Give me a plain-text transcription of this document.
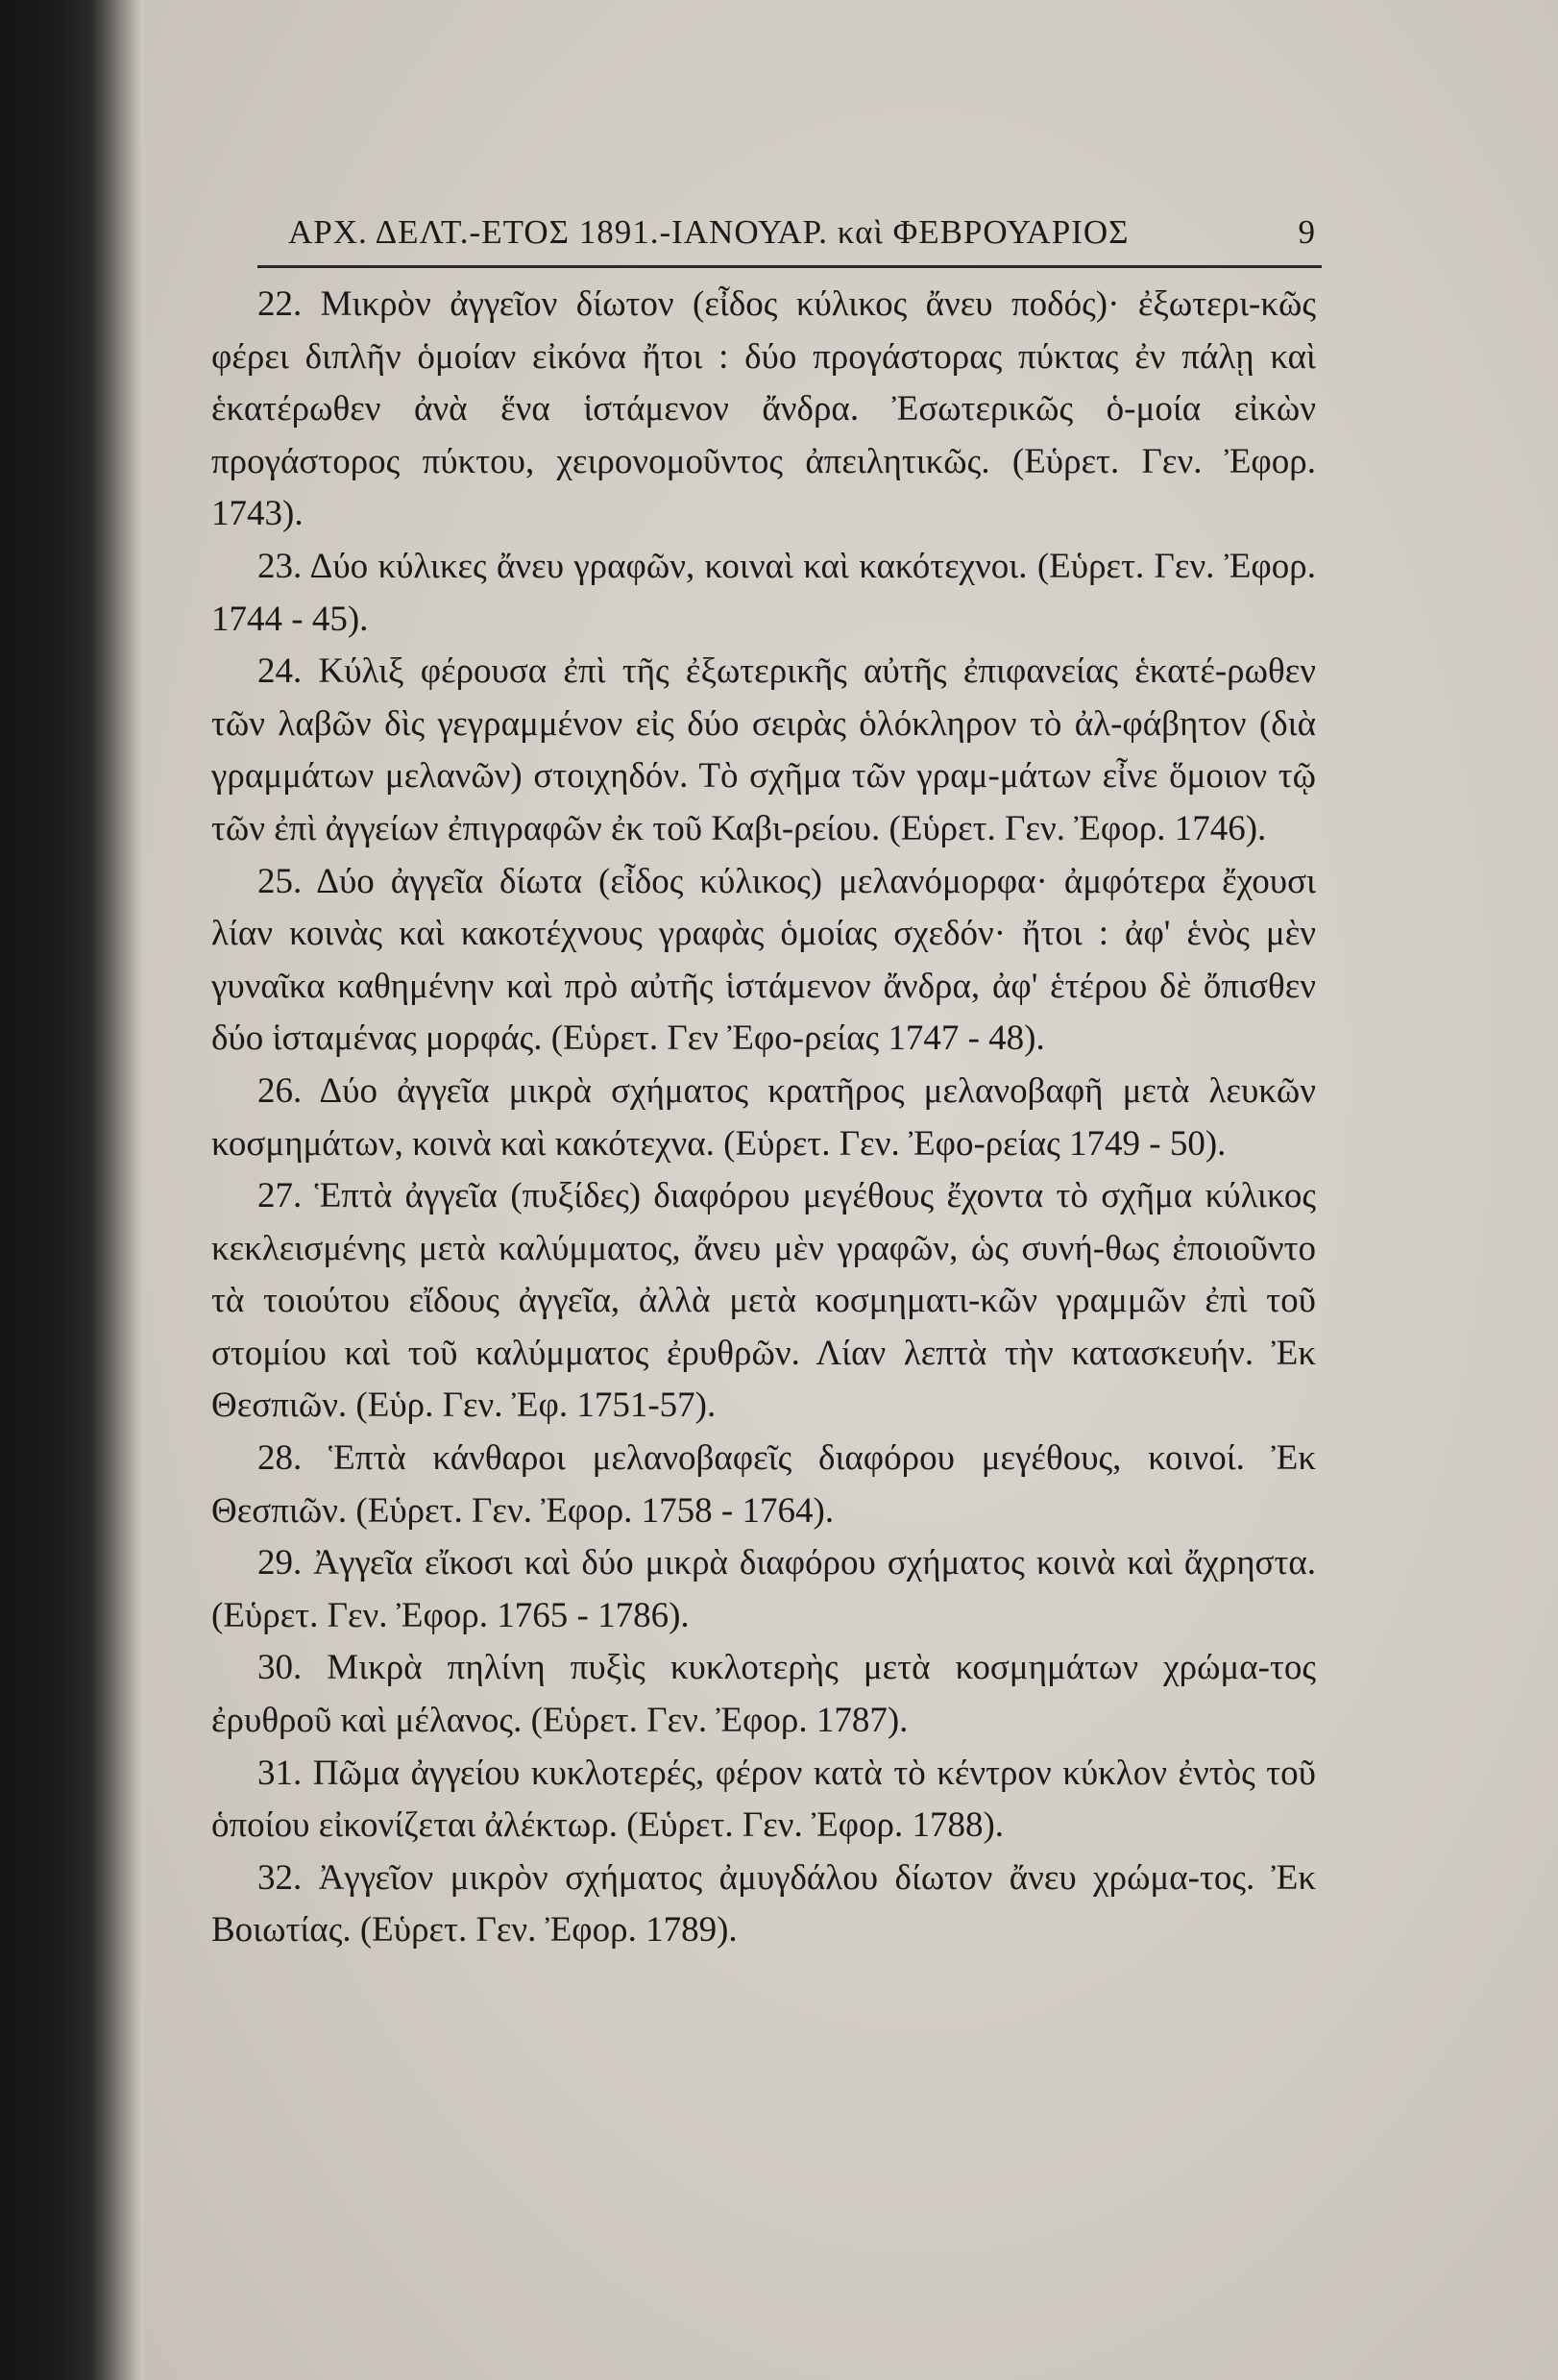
ΑΡΧ. ΔΕΛΤ.-ΕΤΟΣ 1891.-ΙΑΝΟΥΑΡ. καὶ ΦΕΒΡΟΥΑΡΙΟΣ	9

22. Μικρὸν ἀγγεῖον δίωτον (εἶδος κύλικος ἄνευ ποδός)· ἐξωτερι-κῶς φέρει διπλῆν ὁμοίαν εἰκόνα ἤτοι : δύο προγάστορας πύκτας ἐν πάλῃ καὶ ἑκατέρωθεν ἀνὰ ἕνα ἱστάμενον ἄνδρα. Ἐσωτερικῶς ὁ-μοία εἰκὼν προγάστορος πύκτου, χειρονομοῦντος ἀπειλητικῶς. (Εὑρετ. Γεν. Ἐφορ. 1743).

23. Δύο κύλικες ἄνευ γραφῶν, κοιναὶ καὶ κακότεχνοι. (Εὑρετ. Γεν. Ἐφορ. 1744 - 45).

24. Κύλιξ φέρουσα ἐπὶ τῆς ἐξωτερικῆς αὐτῆς ἐπιφανείας ἑκατέ-ρωθεν τῶν λαβῶν δὶς γεγραμμένον εἰς δύο σειρὰς ὁλόκληρον τὸ ἀλ-φάβητον (διὰ γραμμάτων μελανῶν) στοιχηδόν. Τὸ σχῆμα τῶν γραμ-μάτων εἶνε ὅμοιον τῷ τῶν ἐπὶ ἀγγείων ἐπιγραφῶν ἐκ τοῦ Καβι-ρείου. (Εὑρετ. Γεν. Ἐφορ. 1746).

25. Δύο ἀγγεῖα δίωτα (εἶδος κύλικος) μελανόμορφα· ἀμφότερα ἔχουσι λίαν κοινὰς καὶ κακοτέχνους γραφὰς ὁμοίας σχεδόν· ἤτοι : ἀφ' ἑνὸς μὲν γυναῖκα καθημένην καὶ πρὸ αὐτῆς ἱστάμενον ἄνδρα, ἀφ' ἑτέρου δὲ ὄπισθεν δύο ἱσταμένας μορφάς. (Εὑρετ. Γεν Ἐφο-ρείας 1747 - 48).

26. Δύο ἀγγεῖα μικρὰ σχήματος κρατῆρος μελανοβαφῆ μετὰ λευκῶν κοσμημάτων, κοινὰ καὶ κακότεχνα. (Εὑρετ. Γεν. Ἐφο-ρείας 1749 - 50).

27. Ἑπτὰ ἀγγεῖα (πυξίδες) διαφόρου μεγέθους ἔχοντα τὸ σχῆμα κύλικος κεκλεισμένης μετὰ καλύμματος, ἄνευ μὲν γραφῶν, ὡς συνή-θως ἐποιοῦντο τὰ τοιούτου εἴδους ἀγγεῖα, ἀλλὰ μετὰ κοσμηματι-κῶν γραμμῶν ἐπὶ τοῦ στομίου καὶ τοῦ καλύμματος ἐρυθρῶν. Λίαν λεπτὰ τὴν κατασκευήν. Ἐκ Θεσπιῶν. (Εὑρ. Γεν. Ἐφ. 1751-57).

28. Ἑπτὰ κάνθαροι μελανοβαφεῖς διαφόρου μεγέθους, κοινοί. Ἐκ Θεσπιῶν. (Εὑρετ. Γεν. Ἐφορ. 1758 - 1764).

29. Ἀγγεῖα εἴκοσι καὶ δύο μικρὰ διαφόρου σχήματος κοινὰ καὶ ἄχρηστα. (Εὑρετ. Γεν. Ἐφορ. 1765 - 1786).

30. Μικρὰ πηλίνη πυξὶς κυκλοτερὴς μετὰ κοσμημάτων χρώμα-τος ἐρυθροῦ καὶ μέλανος. (Εὑρετ. Γεν. Ἐφορ. 1787).

31. Πῶμα ἀγγείου κυκλοτερές, φέρον κατὰ τὸ κέντρον κύκλον ἐντὸς τοῦ ὁποίου εἰκονίζεται ἀλέκτωρ. (Εὑρετ. Γεν. Ἐφορ. 1788).

32. Ἀγγεῖον μικρὸν σχήματος ἀμυγδάλου δίωτον ἄνευ χρώμα-τος. Ἐκ Βοιωτίας. (Εὑρετ. Γεν. Ἐφορ. 1789).
